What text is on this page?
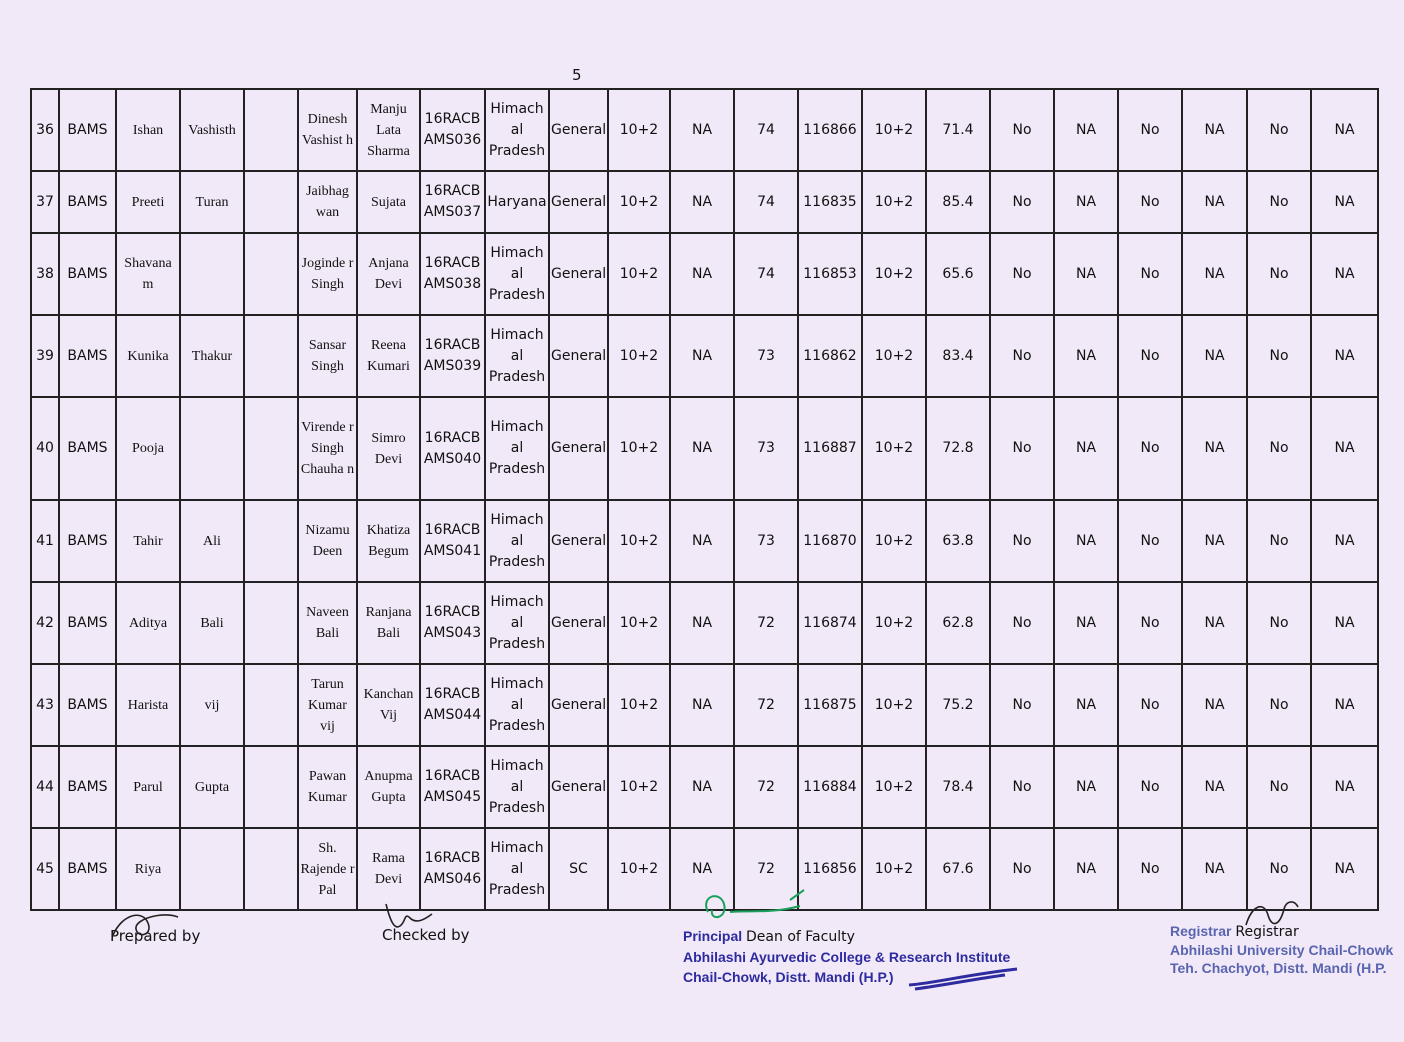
5
36	BAMS	Ishan	Vashisth		Dinesh Vashist h	Manju Lata Sharma	16RACB AMS036	Himach al Pradesh	General	10+2	NA	74	116866	10+2	71.4	No	NA	No	NA	No	NA
37	BAMS	Preeti	Turan		Jaibhag wan	Sujata	16RACB AMS037	Haryana	General	10+2	NA	74	116835	10+2	85.4	No	NA	No	NA	No	NA
38	BAMS	Shavana m			Joginde r Singh	Anjana Devi	16RACB AMS038	Himach al Pradesh	General	10+2	NA	74	116853	10+2	65.6	No	NA	No	NA	No	NA
39	BAMS	Kunika	Thakur		Sansar Singh	Reena Kumari	16RACB AMS039	Himach al Pradesh	General	10+2	NA	73	116862	10+2	83.4	No	NA	No	NA	No	NA
40	BAMS	Pooja			Virende r Singh Chauha n	Simro Devi	16RACB AMS040	Himach al Pradesh	General	10+2	NA	73	116887	10+2	72.8	No	NA	No	NA	No	NA
41	BAMS	Tahir	Ali		Nizamu Deen	Khatiza Begum	16RACB AMS041	Himach al Pradesh	General	10+2	NA	73	116870	10+2	63.8	No	NA	No	NA	No	NA
42	BAMS	Aditya	Bali		Naveen Bali	Ranjana Bali	16RACB AMS043	Himach al Pradesh	General	10+2	NA	72	116874	10+2	62.8	No	NA	No	NA	No	NA
43	BAMS	Harista	vij		Tarun Kumar vij	Kanchan Vij	16RACB AMS044	Himach al Pradesh	General	10+2	NA	72	116875	10+2	75.2	No	NA	No	NA	No	NA
44	BAMS	Parul	Gupta		Pawan Kumar	Anupma Gupta	16RACB AMS045	Himach al Pradesh	General	10+2	NA	72	116884	10+2	78.4	No	NA	No	NA	No	NA
45	BAMS	Riya			Sh. Rajende r Pal	Rama Devi	16RACB AMS046	Himach al Pradesh	SC	10+2	NA	72	116856	10+2	67.6	No	NA	No	NA	No	NA
Prepared by	Checked by	Principal Dean of Faculty
Abhilashi Ayurvedic College & Research Institute
Chail-Chowk, Distt. Mandi (H.P.)
Registrar Registrar
Abhilashi University Chail-Chowk
Teh. Chachyot, Distt. Mandi (H.P.
